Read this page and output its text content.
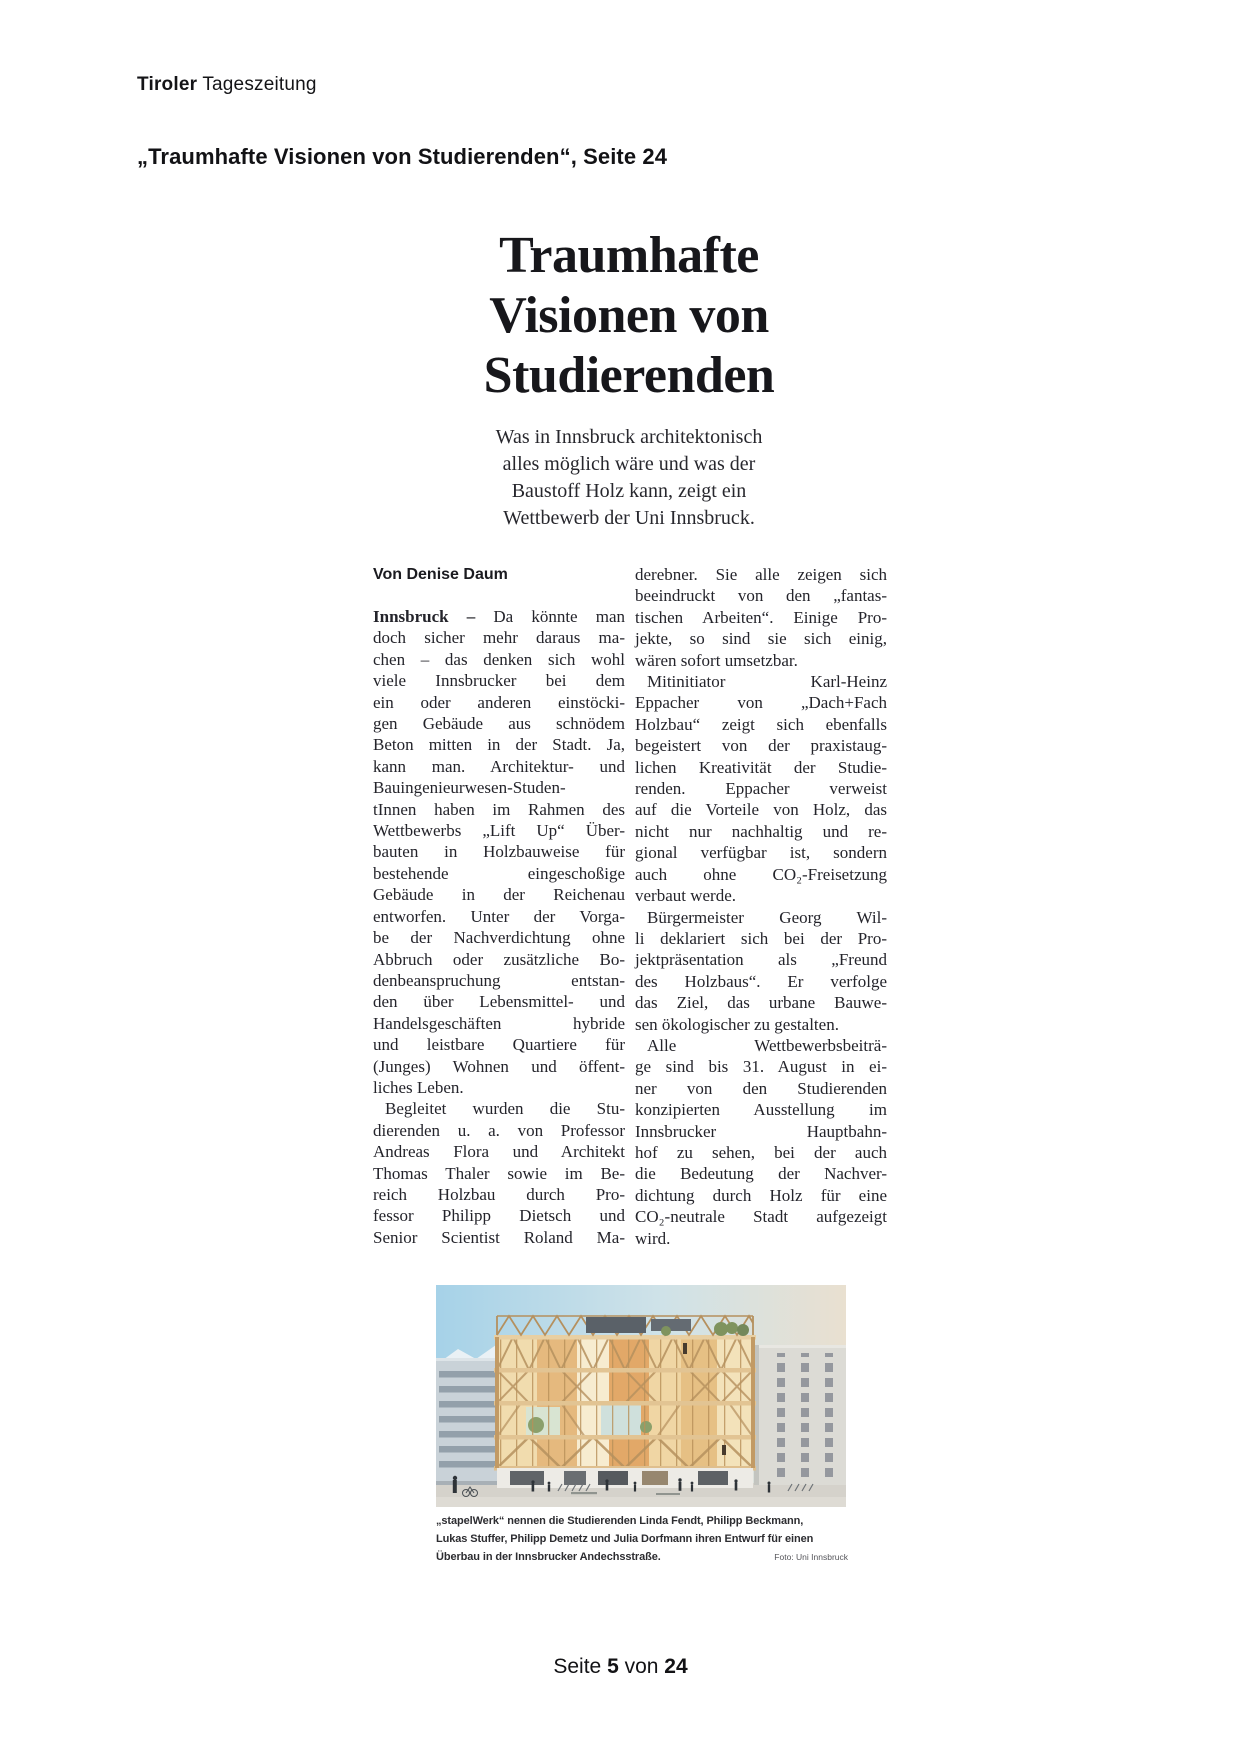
Tiroler Tageszeitung
„Traumhafte Visionen von Studierenden“, Seite 24
Traumhafte
Visionen von
Studierenden
Was in Innsbruck architektonisch
alles möglich wäre und was der
Baustoff Holz kann, zeigt ein
Wettbewerb der Uni Innsbruck.
Von Denise Daum
Innsbruck – Da könnte man
doch sicher mehr daraus ma-
chen – das denken sich wohl
viele Innsbrucker bei dem
ein oder anderen einstöcki-
gen Gebäude aus schnödem
Beton mitten in der Stadt. Ja,
kann man. Architektur- und
Bauingenieurwesen-Studen-
tInnen haben im Rahmen des
Wettbewerbs „Lift Up“ Über-
bauten in Holzbauweise für
bestehende eingeschoßige
Gebäude in der Reichenau
entworfen. Unter der Vorga-
be der Nachverdichtung ohne
Abbruch oder zusätzliche Bo-
denbeanspruchung entstan-
den über Lebensmittel- und
Handelsgeschäften hybride
und leistbare Quartiere für
(Junges) Wohnen und öffent-
liches Leben.
Begleitet wurden die Stu-
dierenden u. a. von Professor
Andreas Flora und Architekt
Thomas Thaler sowie im Be-
reich Holzbau durch Pro-
fessor Philipp Dietsch und
Senior Scientist Roland Ma-
derebner. Sie alle zeigen sich
beeindruckt von den „fantas-
tischen Arbeiten“. Einige Pro-
jekte, so sind sie sich einig,
wären sofort umsetzbar.
Mitinitiator Karl-Heinz
Eppacher von „Dach+Fach
Holzbau“ zeigt sich ebenfalls
begeistert von der praxistaug-
lichen Kreativität der Studie-
renden. Eppacher verweist
auf die Vorteile von Holz, das
nicht nur nachhaltig und re-
gional verfügbar ist, sondern
auch ohne CO₂-Freisetzung
verbaut werde.
Bürgermeister Georg Wil-
li deklariert sich bei der Pro-
jektpräsentation als „Freund
des Holzbaus“. Er verfolge
das Ziel, das urbane Bauwe-
sen ökologischer zu gestalten.
Alle Wettbewerbsbeiträ-
ge sind bis 31. August in ei-
ner von den Studierenden
konzipierten Ausstellung im
Innsbrucker Hauptbahn-
hof zu sehen, bei der auch
die Bedeutung der Nachver-
dichtung durch Holz für eine
CO₂-neutrale Stadt aufgezeigt
wird.
„stapelWerk“ nennen die Studierenden Linda Fendt, Philipp Beckmann,
Lukas Stuffer, Philipp Demetz und Julia Dorfmann ihren Entwurf für einen
Überbau in der Innsbrucker Andechsstraße.	Foto: Uni Innsbruck
Seite 5 von 24
